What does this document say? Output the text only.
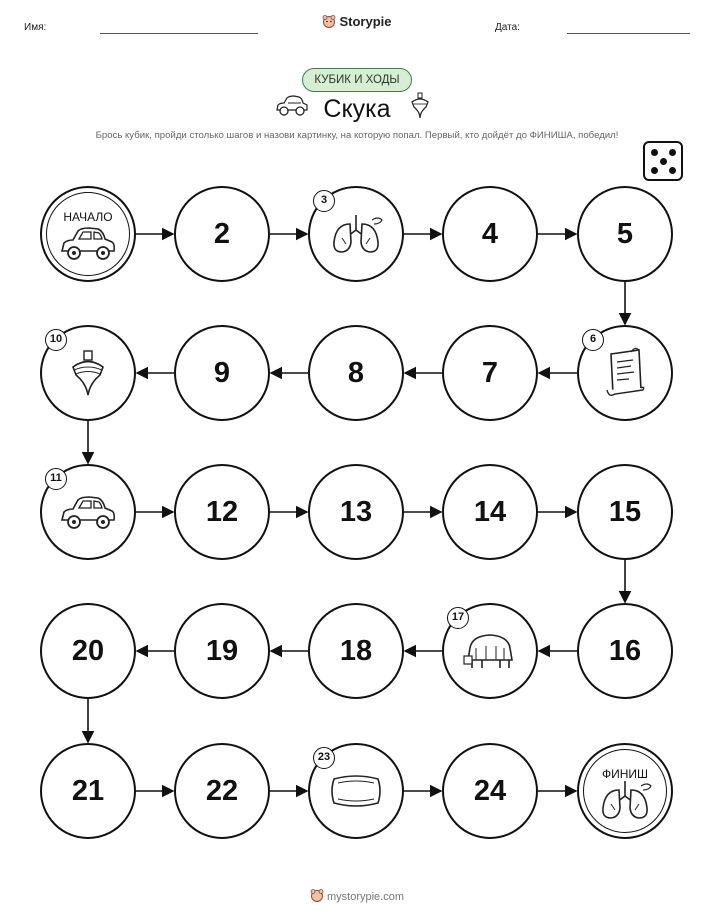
Имя:	Storypie	Дата:
КУБИК И ХОДЫ
Скука
Брось кубик, пройди столько шагов и назови картинку, на которую попал. Первый, кто дойдёт до ФИНИША, победил!
НАЧАЛО
2
3
4	5
6
7
8
9
10
11
12	13	14	15
16
17
18
19
20
21	22
23
24
ФИНИШ
mystorypie.com
